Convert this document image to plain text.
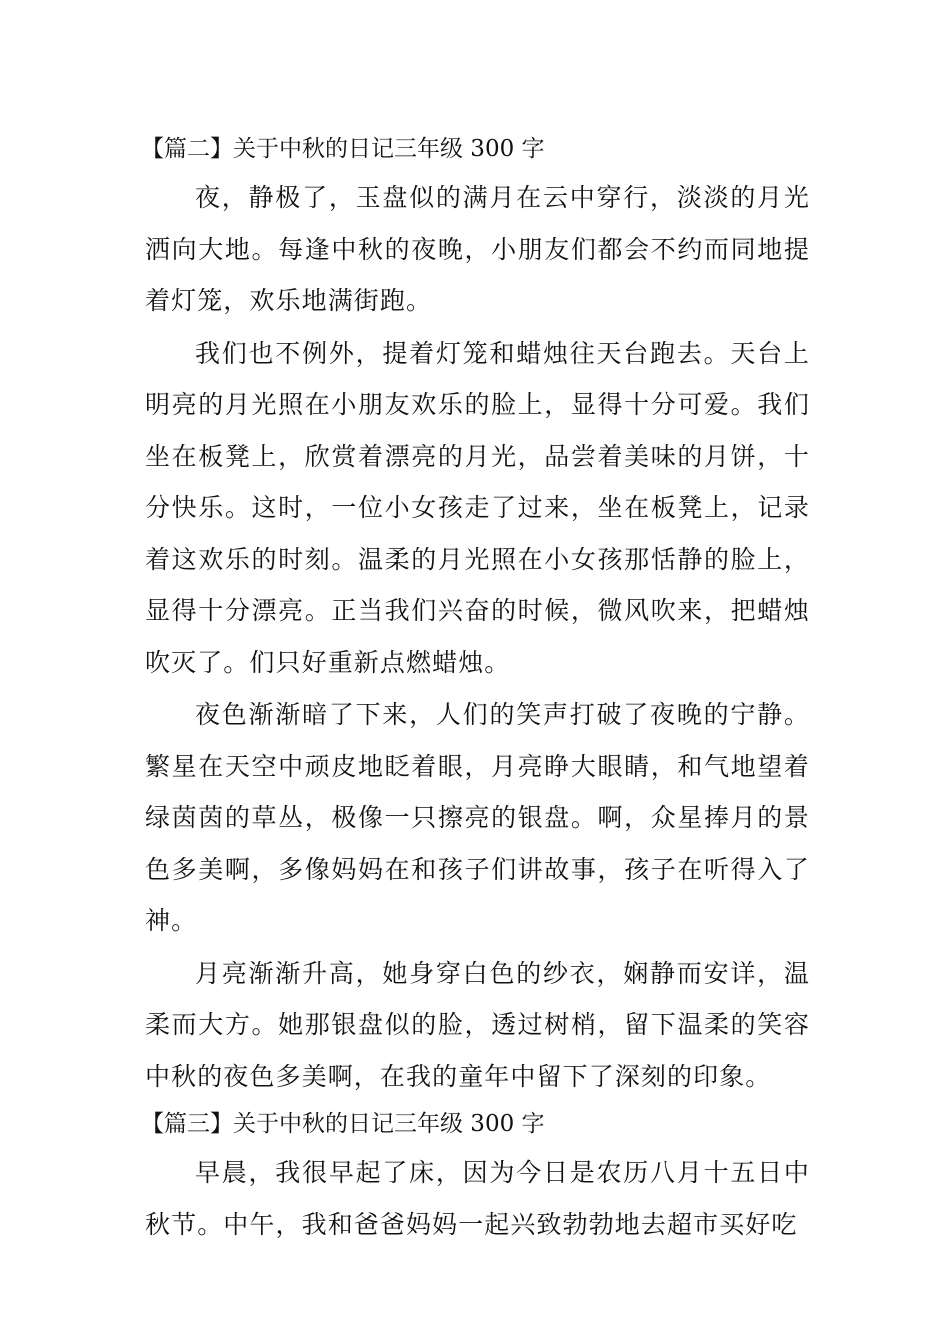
【篇二】关于中秋的日记三年级 300 字

夜，静极了，玉盘似的满月在云中穿行，淡淡的月光洒向大地。每逢中秋的夜晚，小朋友们都会不约而同地提着灯笼，欢乐地满街跑。

我们也不例外，提着灯笼和蜡烛往天台跑去。天台上明亮的月光照在小朋友欢乐的脸上，显得十分可爱。我们坐在板凳上，欣赏着漂亮的月光，品尝着美味的月饼，十分快乐。这时，一位小女孩走了过来，坐在板凳上，记录着这欢乐的时刻。温柔的月光照在小女孩那恬静的脸上，显得十分漂亮。正当我们兴奋的时候，微风吹来，把蜡烛吹灭了。们只好重新点燃蜡烛。

夜色渐渐暗了下来，人们的笑声打破了夜晚的宁静。繁星在天空中顽皮地眨着眼，月亮睁大眼睛，和气地望着绿茵茵的草丛，极像一只擦亮的银盘。啊，众星捧月的景色多美啊，多像妈妈在和孩子们讲故事，孩子在听得入了神。

月亮渐渐升高，她身穿白色的纱衣，娴静而安详，温柔而大方。她那银盘似的脸，透过树梢，留下温柔的笑容中秋的夜色多美啊，在我的童年中留下了深刻的印象。

【篇三】关于中秋的日记三年级 300 字

早晨，我很早起了床，因为今日是农历八月十五日中秋节。中午，我和爸爸妈妈一起兴致勃勃地去超市买好吃
